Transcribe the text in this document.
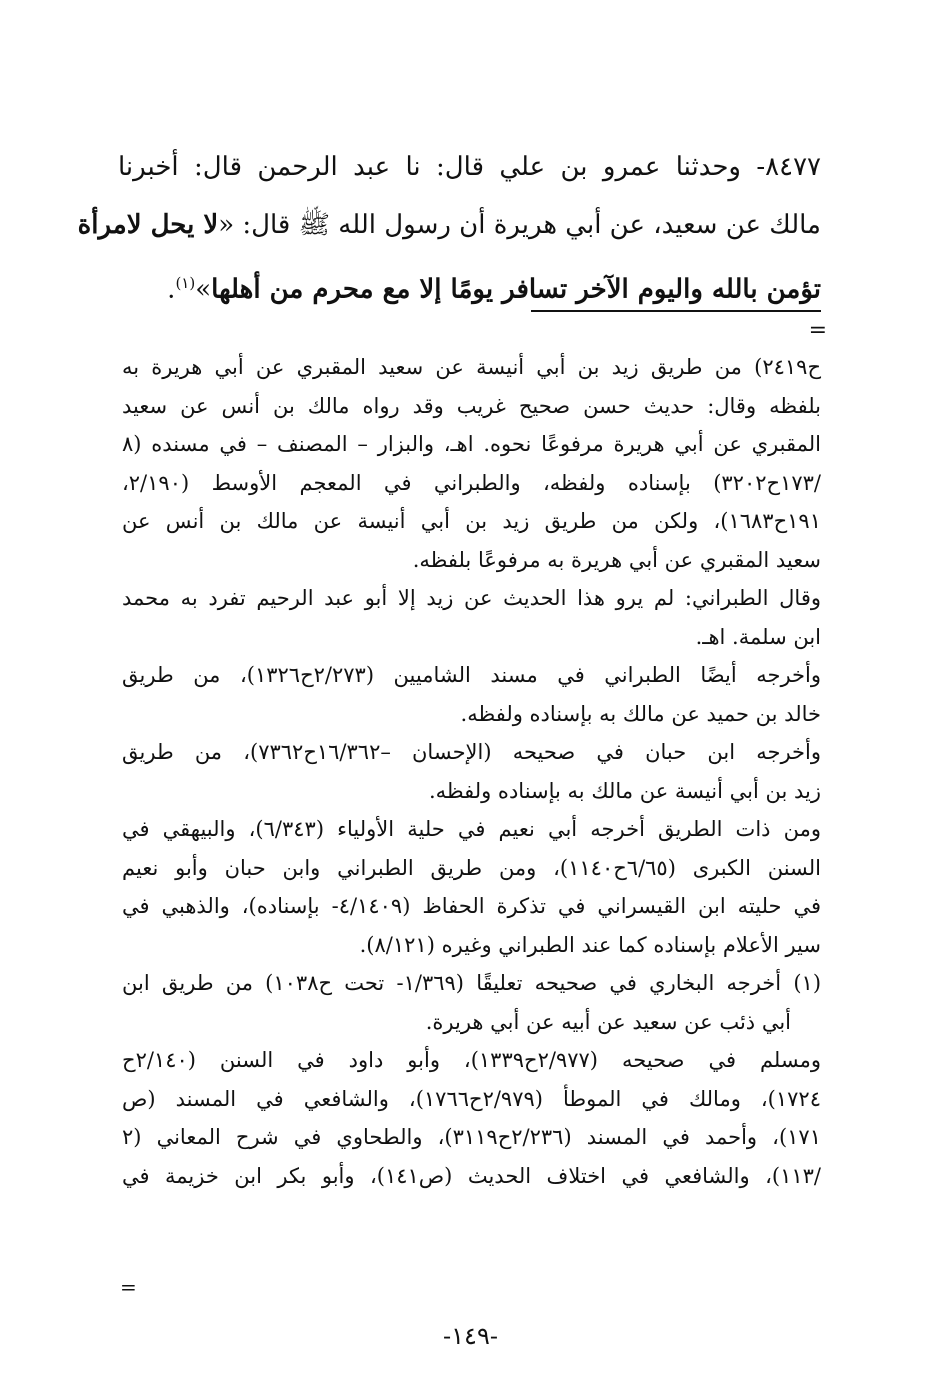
٨٤٧٧- وحدثنا عمرو بن علي قال: نا عبد الرحمن قال: أخبرنا
مالك عن سعيد، عن أبي هريرة أن رسول الله ﷺ قال: «لا يحل لامرأة
تؤمن بالله واليوم الآخر تسافر يومًا إلا مع محرم من أهلها»$^{(١)}$.
=
ح٢٤١٩) من طريق زيد بن أبي أنيسة عن سعيد المقبري عن أبي هريرة به
بلفظه وقال: حديث حسن صحيح غريب وقد رواه مالك بن أنس عن سعيد
المقبري عن أبي هريرة مرفوعًا نحوه. اهـ، والبزار – المصنف – في مسنده (٨
/١٧٣ح٣٢٠٢) بإسناده ولفظه، والطبراني في المعجم الأوسط (٢/١٩٠،
١٩١ح١٦٨٣)، ولكن من طريق زيد بن أبي أنيسة عن مالك بن أنس عن
سعيد المقبري عن أبي هريرة به مرفوعًا بلفظه.
وقال الطبراني: لم يرو هذا الحديث عن زيد إلا أبو عبد الرحيم تفرد به محمد
ابن سلمة. اهـ.
وأخرجه أيضًا الطبراني في مسند الشاميين (٢/٢٧٣ح١٣٢٦)، من طريق
خالد بن حميد عن مالك به بإسناده ولفظه.
وأخرجه ابن حبان في صحيحه (الإحسان –١٦/٣٦٢ح٧٣٦٢)، من طريق
زيد بن أبي أنيسة عن مالك به بإسناده ولفظه.
ومن ذات الطريق أخرجه أبي نعيم في حلية الأولياء (٦/٣٤٣)، والبيهقي في
السنن الكبرى (٦/٦٥ح١١٤٠)، ومن طريق الطبراني وابن حبان وأبو نعيم
في حليته ابن القيسراني في تذكرة الحفاظ (٤/١٤٠٩- بإسناده)، والذهبي في
سير الأعلام بإسناده كما عند الطبراني وغيره (٨/١٢١).
(١) أخرجه البخاري في صحيحه تعليقًا (١/٣٦٩- تحت ح١٠٣٨) من طريق ابن
أبي ذئب عن سعيد عن أبيه عن أبي هريرة.
ومسلم في صحيحه (٢/٩٧٧ح١٣٣٩)، وأبو داود في السنن (٢/١٤٠ح
١٧٢٤)، ومالك في الموطأ (٢/٩٧٩ح١٧٦٦)، والشافعي في المسند (ص
١٧١)، وأحمد في المسند (٢/٢٣٦ح٣١١٩)، والطحاوي في شرح المعاني (٢
/١١٣)، والشافعي في اختلاف الحديث (ص١٤١)، وأبو بكر ابن خزيمة في
=
-١٤٩-
